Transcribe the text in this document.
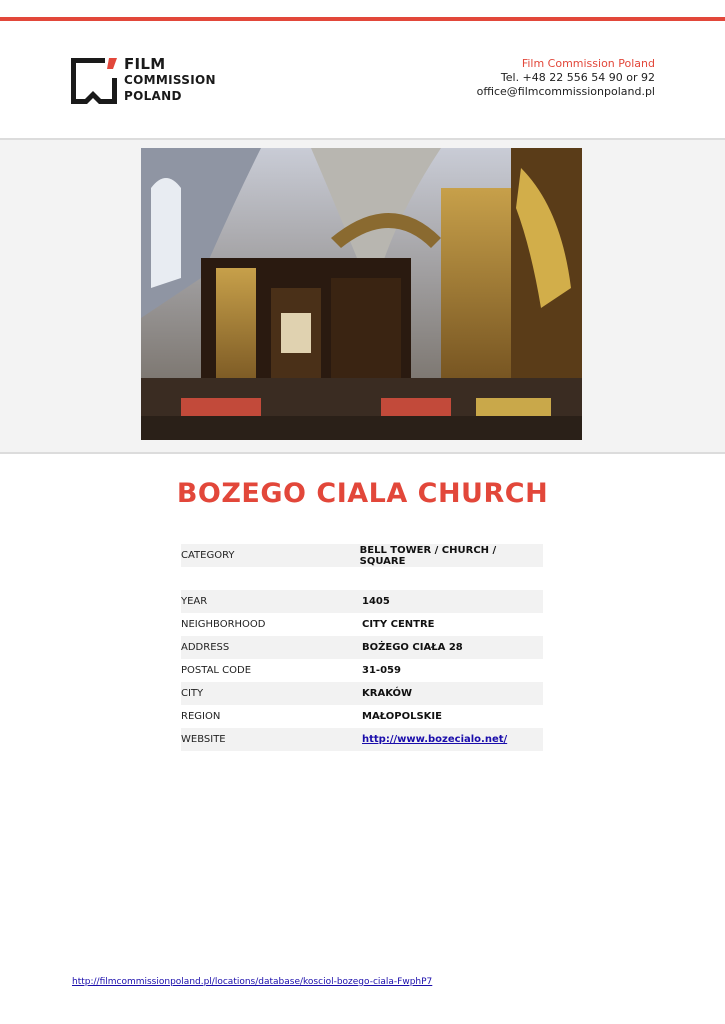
FILM
COMMISSION
POLAND
Film Commission Poland
Tel. +48 22 556 54 90 or 92
office@filmcommissionpoland.pl
BOZEGO CIALA CHURCH
CATEGORY	BELL TOWER / CHURCH / SQUARE
YEAR	1405
NEIGHBORHOOD	CITY CENTRE
ADDRESS	BOŻEGO CIAŁA 28
POSTAL CODE	31-059
CITY	KRAKÓW
REGION	MAŁOPOLSKIE
WEBSITE	http://www.bozecialo.net/
http://filmcommissionpoland.pl/locations/database/kosciol-bozego-ciala-FwphP7
